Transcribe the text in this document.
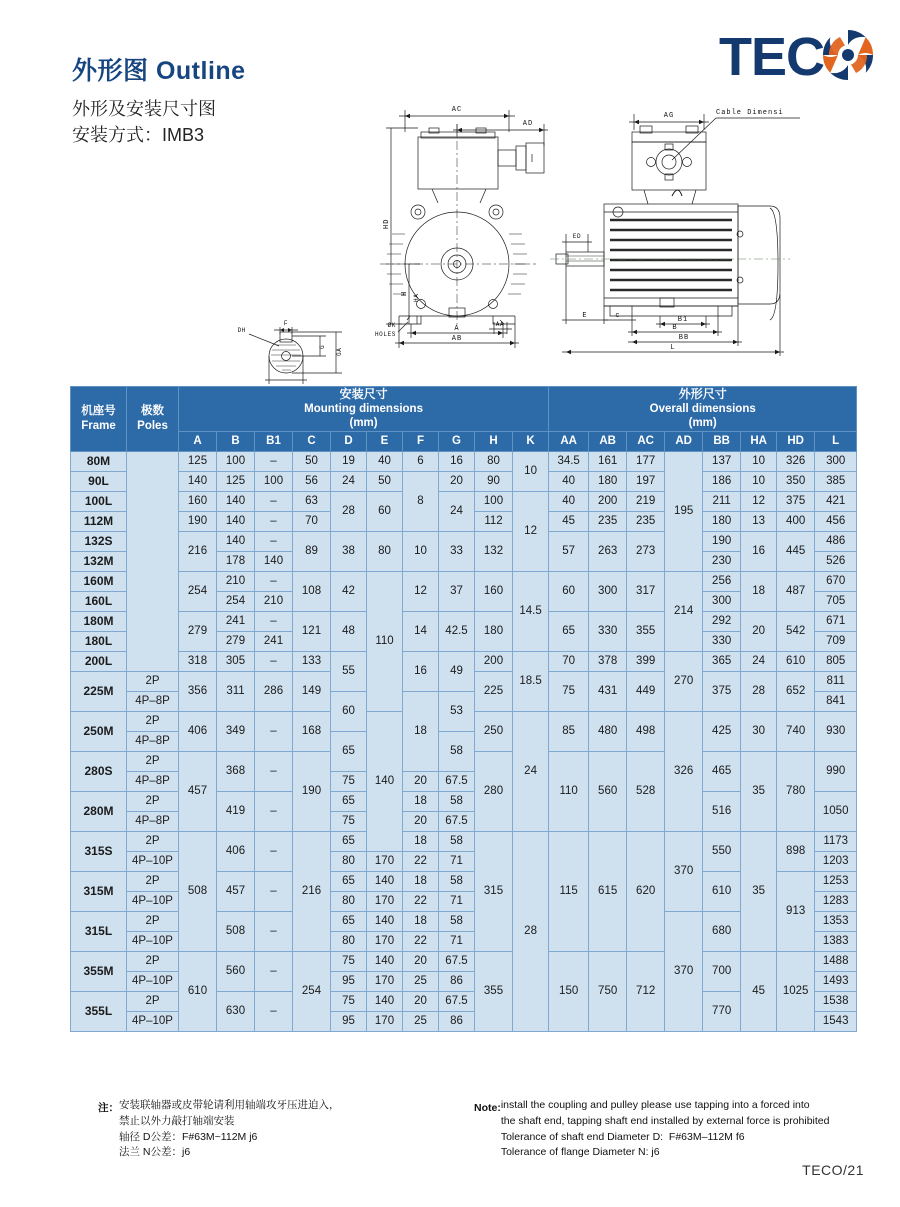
外形图 Outline

外形及安装尺寸图

安装方式：IMB3

TEC
DH
F
G
GA
AC
AD
HD
H
HA
ØK
HOLES
A
AB
AA
Cable Dimensi
AG
ED
E	c	B1
B
BB
L
机座号
Frame

极数
Poles

安装尺寸
Mounting dimensions
(mm)

外形尺寸
Overall dimensions
(mm)

		A	B	B1	C	D	E	F	G	H	K	AA	AB	AC	AD	BB	HA	HD	L
80M		125	100	–	50	19	40	6	16	80	10	34.5	161	177	195	137	10	326	300
90L		140	125	100	56	24	50	8	20	90		40	180	197		186	10	350	385
100L		160	140	–	63	28	60		24	100	12	40	200	219		211	12	375	421
112M		190	140	–	70					112		45	235	235		180	13	400	456
132S		216	140	–	89	38	80	10	33	132		57	263	273		190	16	445	486
132M			178	140												230			526
160M		254	210	–	108	42	110	12	37	160	14.5	60	300	317	214	256	18	487	670
160L			254	210												300			705
180M		279	241	–	121	48		14	42.5	180		65	330	355		292	20	542	671
180L			279	241												330			709
200L		318	305	–	133	55		16	49	200	18.5	70	378	399	270	365	24	610	805
225M	2P	356	311	286	149					225		75	431	449		375	28	652	811
	4P–8P					60		18	53										841
250M	2P	406	349	–	168		140			250	24	85	480	498	326	425	30	740	930
	4P–8P					65			58										
280S	2P	457	368	–	190					280		110	560	528		465	35	780	990
	4P–8P					75		20	67.5										
280M	2P		419	–		65		18	58							516			1050
	4P–8P					75		20	67.5										
315S	2P	508	406	–	216	65		18	58	315	28	115	615	620	370	550	35	898	1173
	4P–10P					80	170	22	71										1203
315M	2P		457	–		65	140	18	58							610		913	1253
	4P–10P					80	170	22	71										1283
315L	2P		508	–		65	140	18	58						370	680			1353
	4P–10P					80	170	22	71										1383
355M	2P	610	560	–	254	75	140	20	67.5	355		150	750	712		700	45	1025	1488
	4P–10P					95	170	25	86										1493
355L	2P		630	–		75	140	20	67.5							770			1538
	4P–10P					95	170	25	86										1543
注： 安装联轴器或皮带轮请利用轴端攻牙压进迫入，
禁止以外力敲打轴端安装
轴径 D公差：F#63M~112M j6
法兰 N公差：j6
Note: install the coupling and pulley please use tapping into a forced into
the shaft end, tapping shaft end installed by external force is prohibited
Tolerance of shaft end Diameter D:  F#63M–112M f6
Tolerance of flange Diameter N: j6
TECO/21
